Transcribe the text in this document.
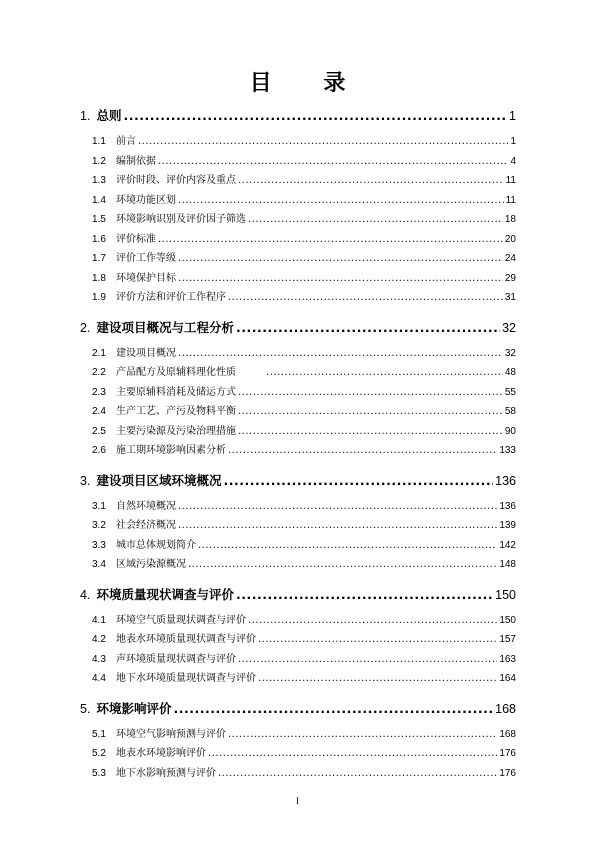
目 录
1. 总则 .....	1
1.1	前言 .....	1
1.2	编制依据 .....	4
1.3	评价时段、评价内容及重点 .....	11
1.4	环境功能区划 .....	11
1.5	环境影响识别及评价因子筛选 .....	18
1.6	评价标准 .....	20
1.7	评价工作等级 .....	24
1.8	环境保护目标 .....	29
1.9	评价方法和评价工作程序 .....	31
2. 建设项目概况与工程分析 .....	32
2.1	建设项目概况 .....	32
2.2	产品配方及原辅料理化性质 .....	48
2.3	主要原辅料消耗及储运方式 .....	55
2.4	生产工艺、产污及物料平衡 .....	58
2.5	主要污染源及污染治理措施 .....	90
2.6	施工期环境影响因素分析 .....	133
3. 建设项目区域环境概况 .....	136
3.1	自然环境概况 .....	136
3.2	社会经济概况 .....	139
3.3	城市总体规划简介 .....	142
3.4	区域污染源概况 .....	148
4. 环境质量现状调查与评价 .....	150
4.1	环境空气质量现状调查与评价 .....	150
4.2	地表水环境质量现状调查与评价 .....	157
4.3	声环境质量现状调查与评价 .....	163
4.4	地下水环境质量现状调查与评价 .....	164
5. 环境影响评价 .....	168
5.1	环境空气影响预测与评价 .....	168
5.2	地表水环境影响评价 .....	176
5.3	地下水影响预测与评价 .....	176
I
